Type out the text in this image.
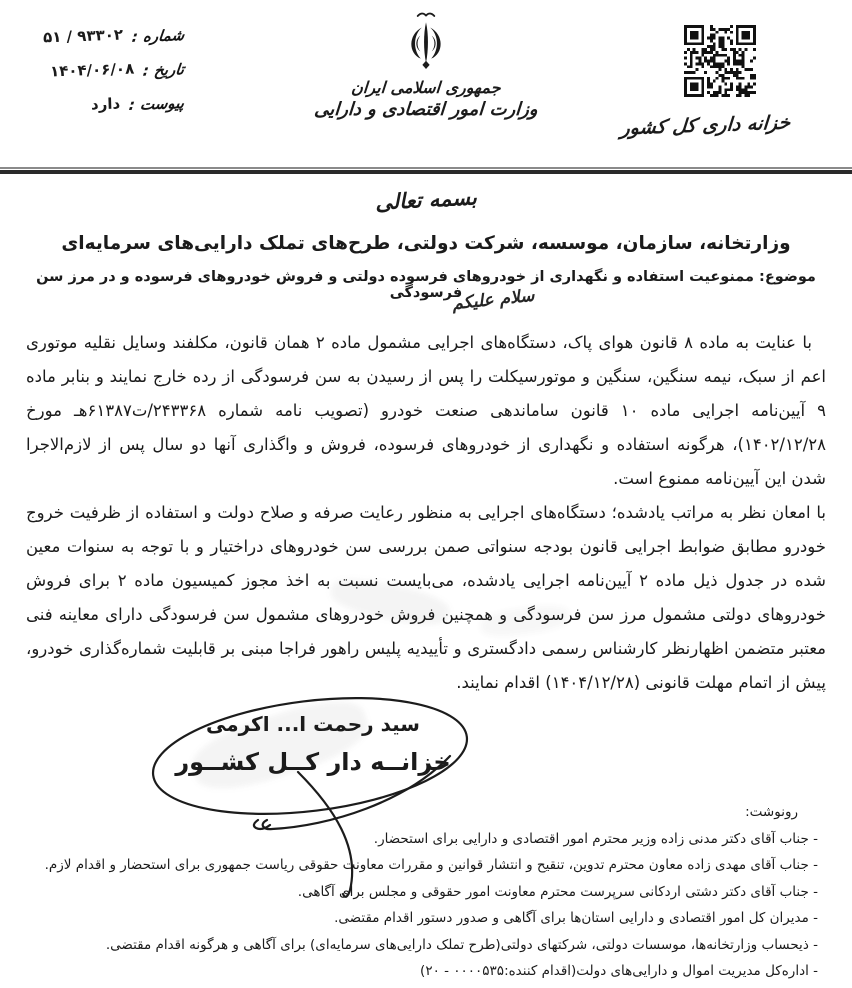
شماره : ۹۳۳۰۲ / ۵۱
تاریخ : ۱۴۰۴/۰۶/۰۸
پیوست : دارد
جمهوری اسلامی ایران
وزارت امور اقتصادی و دارایی
خزانه داری کل کشور
بسمه تعالی
وزارتخانه، سازمان، موسسه، شرکت دولتی، طرح‌های تملک دارایی‌های سرمایه‌ای
موضوع: ممنوعیت استفاده و نگهداری از خودروهای فرسوده دولتی و فروش خودروهای فرسوده و در مرز سن فرسودگی
سلام علیکم

با عنایت به ماده ۸ قانون هوای پاک، دستگاه‌های اجرایی مشمول ماده ۲ همان قانون، مکلفند وسایل نقلیه موتوری اعم از سبک، نیمه سنگین، سنگین و موتورسیکلت را پس از رسیدن به سن فرسودگی از رده خارج نمایند و بنابر ماده ۹ آیین‌نامه اجرایی ماده ۱۰ قانون ساماندهی صنعت خودرو (تصویب نامه شماره ۲۴۳۳۶۸/ت۶۱۳۸۷هـ مورخ ۱۴۰۲/۱۲/۲۸)، هرگونه استفاده و نگهداری از خودروهای فرسوده، فروش و واگذاری آنها دو سال پس از لازم‌الاجرا شدن این آیین‌نامه ممنوع است.

با امعان نظر به مراتب یادشده؛ دستگاه‌های اجرایی به منظور رعایت صرفه و صلاح دولت و استفاده از ظرفیت خروج خودرو مطابق ضوابط اجرایی قانون بودجه سنواتی صمن بررسی سن خودروهای دراختیار و با توجه به سنوات معین شده در جدول ذیل ماده ۲ آیین‌نامه اجرایی یادشده، می‌بایست نسبت به اخذ مجوز کمیسیون ماده ۲ برای فروش خودروهای دولتی مشمول مرز سن فرسودگی و همچنین فروش خودروهای مشمول سن فرسودگی دارای معاینه فنی معتبر متضمن اظهارنظر کارشناس رسمی دادگستری و تأییدیه پلیس راهور فراجا مبنی بر قابلیت شماره‌گذاری خودرو، پیش از اتمام مهلت قانونی (۱۴۰۴/۱۲/۲۸) اقدام نمایند.

سید رحمت ا... اکرمی
خزانــه دار کــل کشــور
رونوشت:
- جناب آقای دکتر مدنی زاده وزیر محترم امور اقتصادی و دارایی برای استحضار.
- جناب آقای مهدی زاده معاون محترم تدوین، تنقیح و انتشار قوانین و مقررات معاونت حقوقی ریاست جمهوری برای استحضار و اقدام لازم.
- جناب آقای دکتر دشتی اردکانی سرپرست محترم معاونت امور حقوقی و مجلس برای آگاهی.
- مدیران کل امور اقتصادی و دارایی استان‌ها برای آگاهی و صدور دستور اقدام مقتضی.
- ذیحساب وزارتخانه‌ها، موسسات دولتی، شرکتهای دولتی(طرح تملک دارایی‌های سرمایه‌ای) برای آگاهی و هرگونه اقدام مقتضی.
- اداره‌کل مدیریت اموال و دارایی‌های دولت(اقدام کننده:۰۰۰۰۵۳۵ - ۲۰)
